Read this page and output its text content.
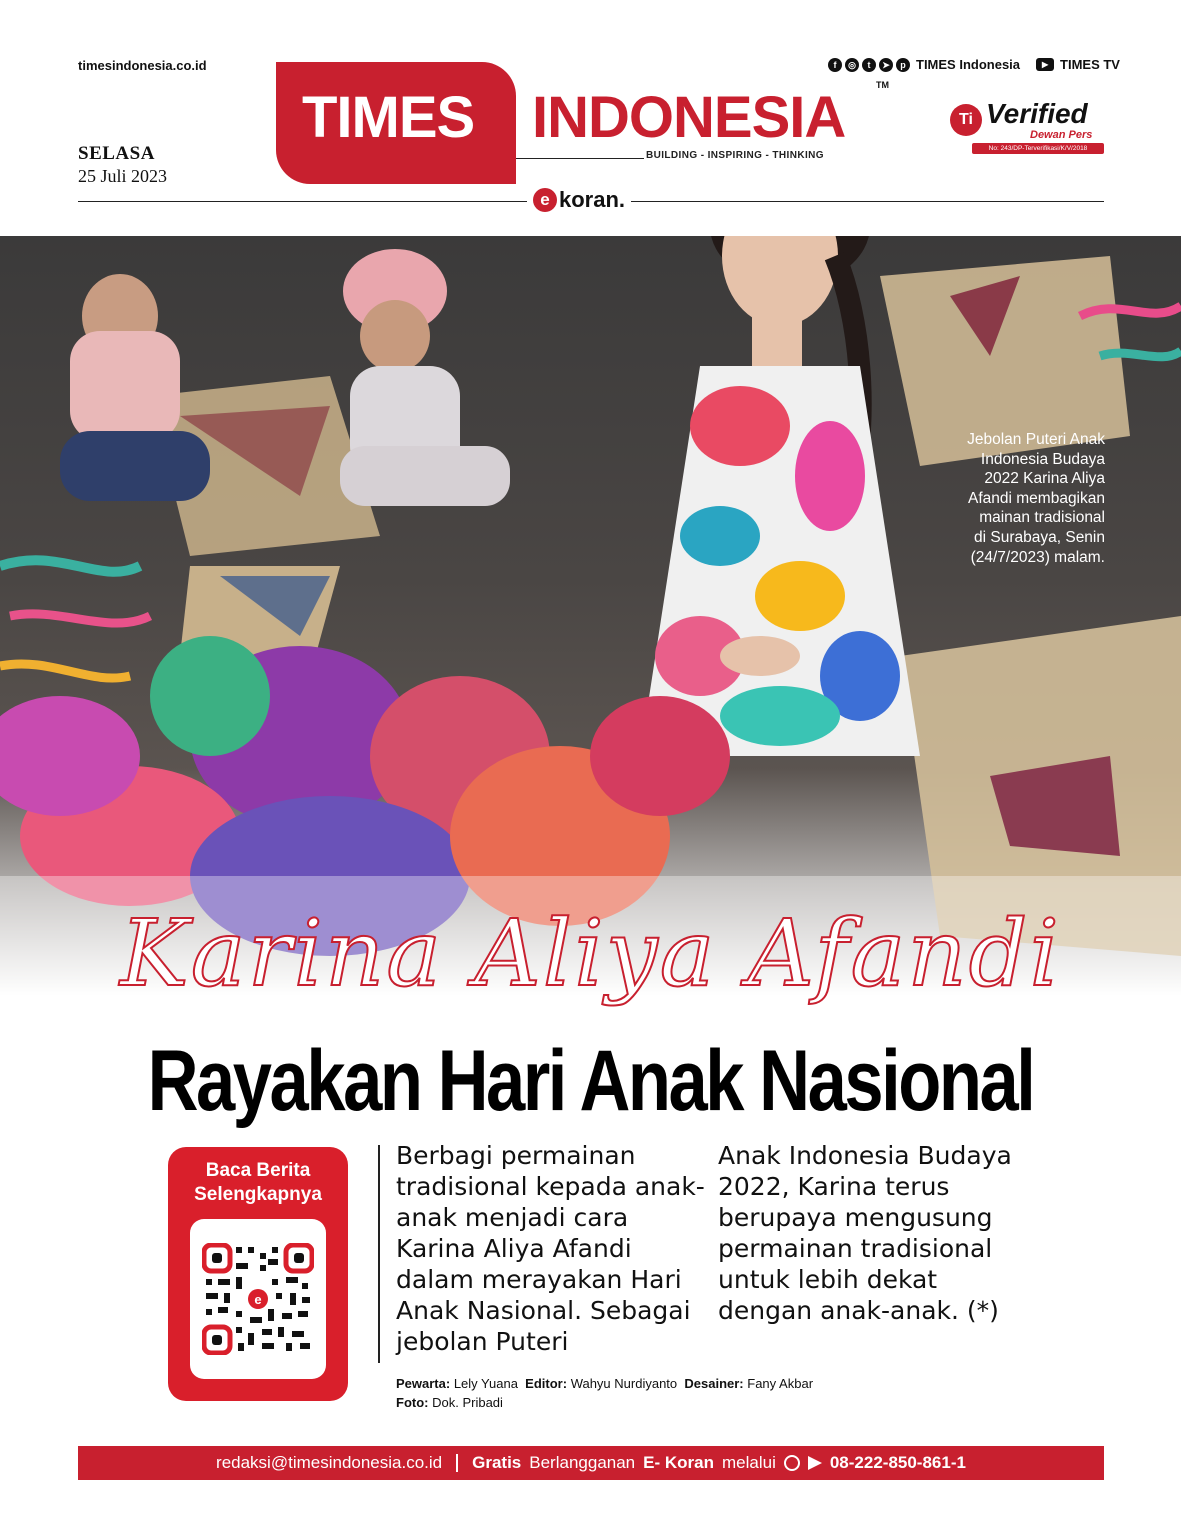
timesindonesia.co.id
SELASA
25 Juli 2023
f	◎	t	➤	p TIMES Indonesia	▶ TIMES TV
TIMES INDONESIA	TM
BUILDING - INSPIRING - THINKING
e koran.
Ti Verified
Dewan Pers
No: 243/DP-Terverifikasi/K/V/2018
Jebolan Puteri Anak Indonesia Budaya 2022 Karina Aliya Afandi membagikan mainan tradisional di Surabaya, Senin (24/7/2023) malam.
Karina Aliya Afandi
Rayakan Hari Anak Nasional
Baca Berita Selengkapnya
e
Berbagi permainan tradisional kepada anak-anak menjadi cara Karina Aliya Afandi dalam merayakan Hari Anak Nasional. Sebagai jebolan Puteri
Anak Indonesia Budaya 2022, Karina terus berupaya mengusung permainan tradisional untuk lebih dekat dengan anak-anak. (*)
Pewarta: Lely Yuana Editor: Wahyu Nurdiyanto Desainer: Fany Akbar
Foto: Dok. Pribadi
redaksi@timesindonesia.co.id Gratis Berlangganan E- Koran melalui	08-222-850-861-1
